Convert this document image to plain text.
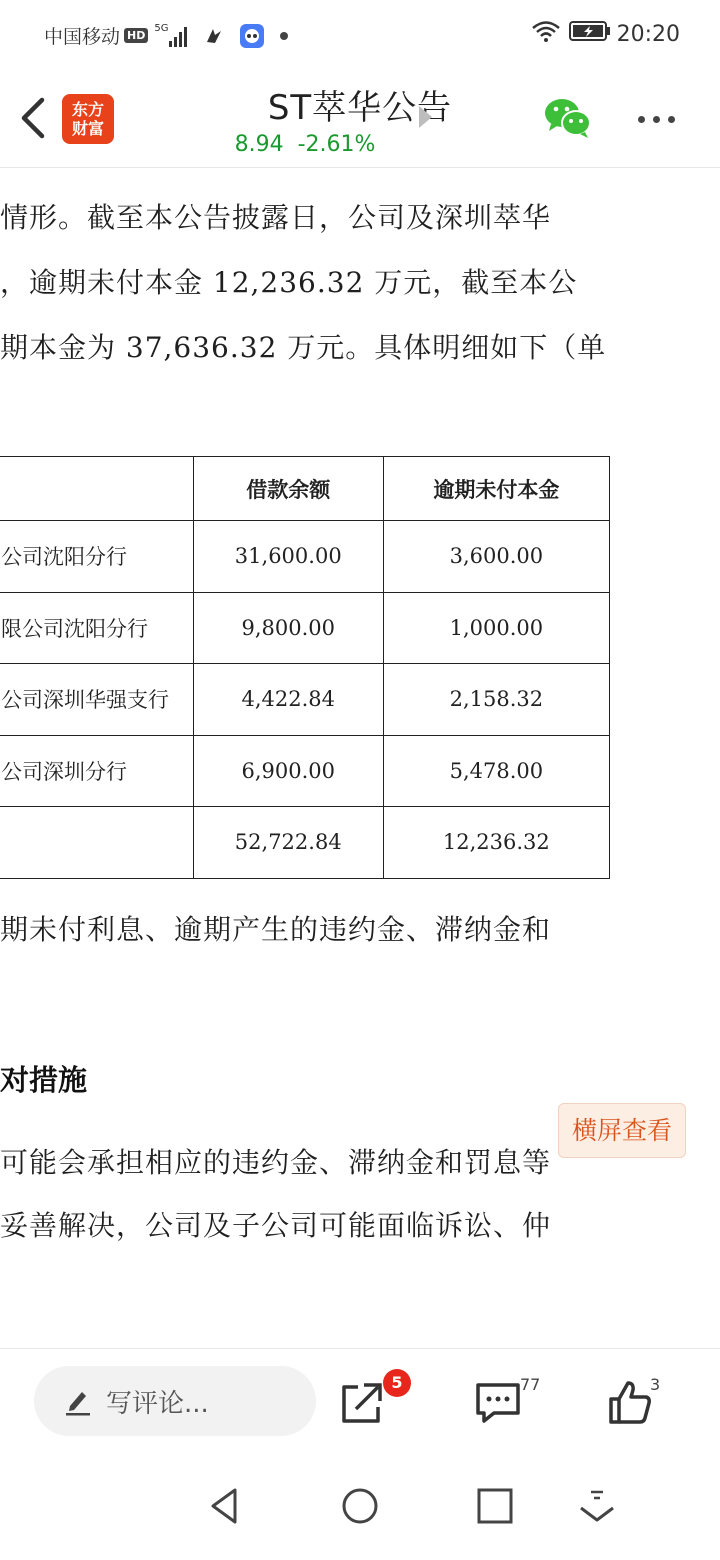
中国移动 HD
5G	20:20
东方
财富
ST萃华公告
8.94 -2.61%
情形。截至本公告披露日，公司及深圳萃华
，逾期未付本金 12,236.32 万元，截至本公
期本金为 37,636.32 万元。具体明细如下（单
	借款余额	逾期未付本金
公司沈阳分行	31,600.00	3,600.00
限公司沈阳分行	9,800.00	1,000.00
公司深圳华强支行	4,422.84	2,158.32
公司深圳分行	6,900.00	5,478.00
	52,722.84	12,236.32
期未付利息、逾期产生的违约金、滞纳金和
对措施
可能会承担相应的违约金、滞纳金和罚息等
妥善解决，公司及子公司可能面临诉讼、仲
横屏查看
写评论...
5	77	3
